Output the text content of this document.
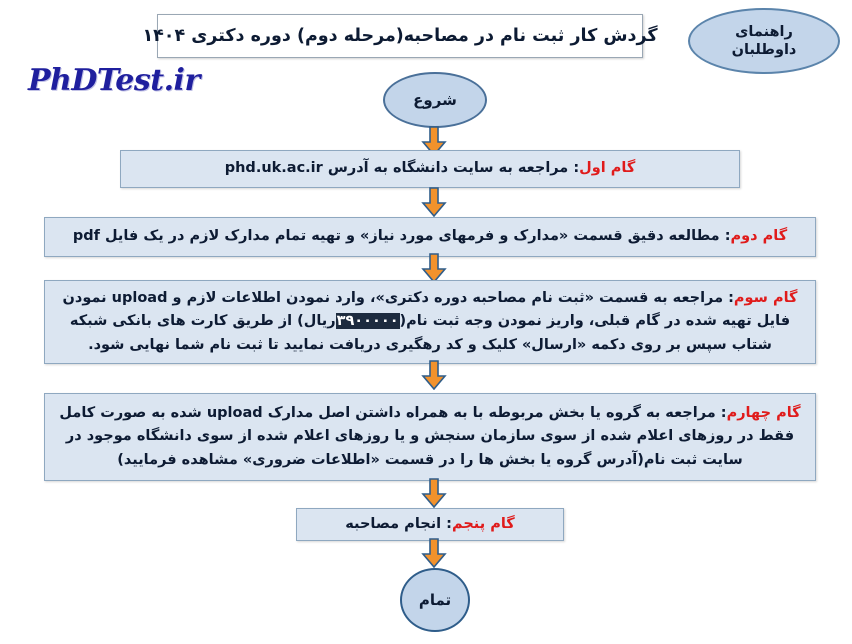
گردش کار ثبت نام در مصاحبه(مرحله دوم) دوره دکتری ۱۴۰۴	راهنمای
داوطلبان
PhDTest.ir
شروع
گام اول: مراجعه به سایت دانشگاه به آدرس phd.uk.ac.ir
گام دوم: مطالعه دقیق قسمت «مدارک و فرمهای مورد نیاز» و تهیه تمام مدارک لازم در یک فایل pdf
گام سوم: مراجعه به قسمت «ثبت نام مصاحبه دوره دکتری»، وارد نمودن اطلاعات لازم و upload نمودن فایل تهیه شده در گام قبلی، واریز نمودن وجه ثبت نام(۳۹۰۰۰۰۰ریال) از طریق کارت های بانکی شبکه شتاب سپس بر روی دکمه «ارسال» کلیک و کد رهگیری دریافت نمایید تا ثبت نام شما نهایی شود.
گام چهارم: مراجعه به گروه یا بخش مربوطه با به همراه داشتن اصل مدارک upload شده به صورت کامل فقط در روزهای اعلام شده از سوی سازمان سنجش و یا روزهای اعلام شده از سوی دانشگاه موجود در سایت ثبت نام(آدرس گروه یا بخش ها را در قسمت «اطلاعات ضروری» مشاهده فرمایید)
گام پنجم: انجام مصاحبه
تمام
